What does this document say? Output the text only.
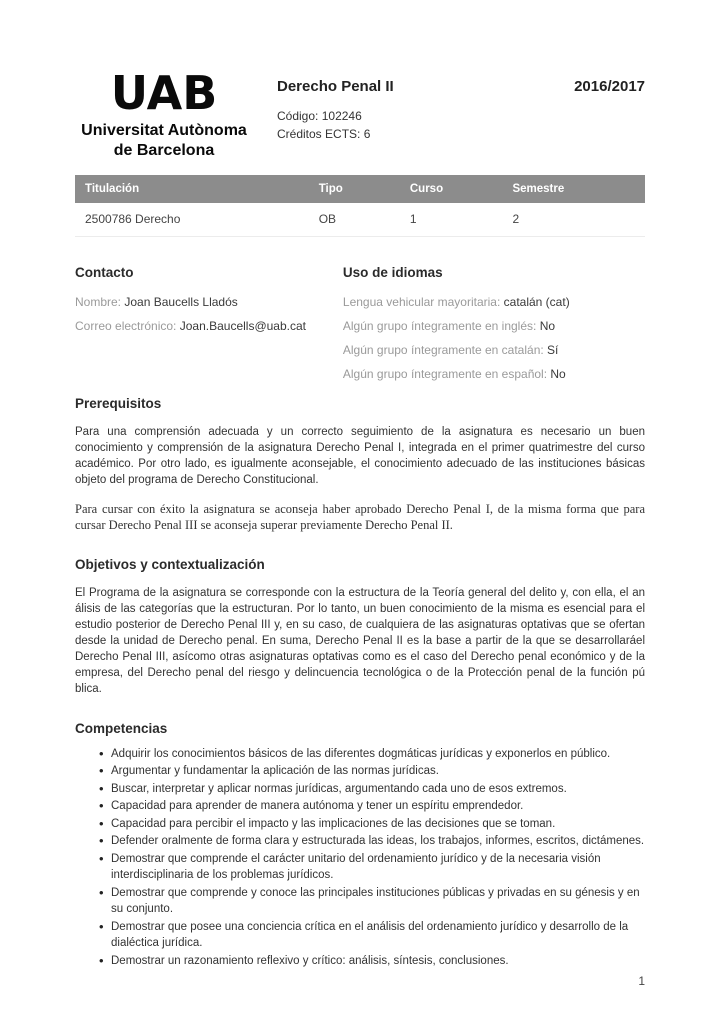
UAB
Universitat Autònoma
de Barcelona
Derecho Penal II	2016/2017
Código: 102246
Créditos ECTS: 6
Titulación	Tipo	Curso	Semestre
2500786 Derecho	OB	1	2
Contacto
Nombre: Joan Baucells Lladós
Correo electrónico: Joan.Baucells@uab.cat
Uso de idiomas
Lengua vehicular mayoritaria: catalán (cat)
Algún grupo íntegramente en inglés: No
Algún grupo íntegramente en catalán: Sí
Algún grupo íntegramente en español: No
Prerequisitos

Para una comprensión adecuada y un correcto seguimiento de la asignatura es necesario un buen conocimiento y comprensión de la asignatura Derecho Penal I, integrada en el primer quatrimestre del curso académico. Por otro lado, es igualmente aconsejable, el conocimiento adecuado de las instituciones básicas objeto del programa de Derecho Constitucional.

Para cursar con éxito la asignatura se aconseja haber aprobado Derecho Penal I, de la misma forma que para cursar Derecho Penal III se aconseja superar previamente Derecho Penal II.

Objetivos y contextualización

El Programa de la asignatura se corresponde con la estructura de la Teoría general del delito y, con ella, el an álisis de las categorías que la estructuran. Por lo tanto, un buen conocimiento de la misma es esencial para el estudio posterior de Derecho Penal III y, en su caso, de cualquiera de las asignaturas optativas que se ofertan desde la unidad de Derecho penal. En suma, Derecho Penal II es la base a partir de la que se desarrollaráel Derecho Penal III, asícomo otras asignaturas optativas como es el caso del Derecho penal económico y de la empresa, del Derecho penal del riesgo y delincuencia tecnológica o de la Protección penal de la función pú blica.

Competencias
• Adquirir los conocimientos básicos de las diferentes dogmáticas jurídicas y exponerlos en público.
• Argumentar y fundamentar la aplicación de las normas jurídicas.
• Buscar, interpretar y aplicar normas jurídicas, argumentando cada uno de esos extremos.
• Capacidad para aprender de manera autónoma y tener un espíritu emprendedor.
• Capacidad para percibir el impacto y las implicaciones de las decisiones que se toman.
• Defender oralmente de forma clara y estructurada las ideas, los trabajos, informes, escritos, dictámenes.
• Demostrar que comprende el carácter unitario del ordenamiento jurídico y de la necesaria visión interdisciplinaria de los problemas jurídicos.
• Demostrar que comprende y conoce las principales instituciones públicas y privadas en su génesis y en su conjunto.
• Demostrar que posee una conciencia crítica en el análisis del ordenamiento jurídico y desarrollo de la dialéctica jurídica.
• Demostrar un razonamiento reflexivo y crítico: análisis, síntesis, conclusiones.
1
